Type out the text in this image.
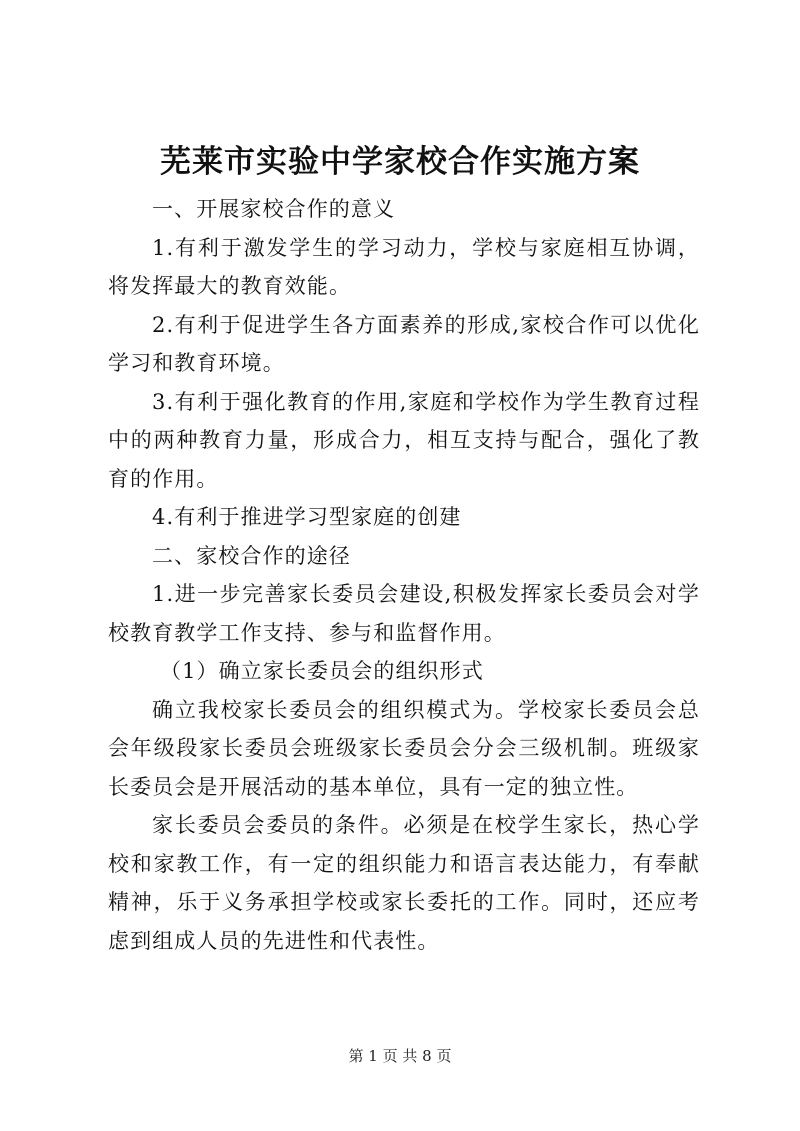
芜莱市实验中学家校合作实施方案

一、开展家校合作的意义

1.有利于激发学生的学习动力，学校与家庭相互协调，将发挥最大的教育效能。

2.有利于促进学生各方面素养的形成,家校合作可以优化学习和教育环境。

3.有利于强化教育的作用,家庭和学校作为学生教育过程中的两种教育力量，形成合力，相互支持与配合，强化了教育的作用。

4.有利于推进学习型家庭的创建

二、家校合作的途径

1.进一步完善家长委员会建设,积极发挥家长委员会对学校教育教学工作支持、参与和监督作用。

（1）确立家长委员会的组织形式

确立我校家长委员会的组织模式为。学校家长委员会总会年级段家长委员会班级家长委员会分会三级机制。班级家长委员会是开展活动的基本单位，具有一定的独立性。

家长委员会委员的条件。必须是在校学生家长，热心学校和家教工作，有一定的组织能力和语言表达能力，有奉献精神，乐于义务承担学校或家长委托的工作。同时，还应考虑到组成人员的先进性和代表性。

第 1 页 共 8 页
